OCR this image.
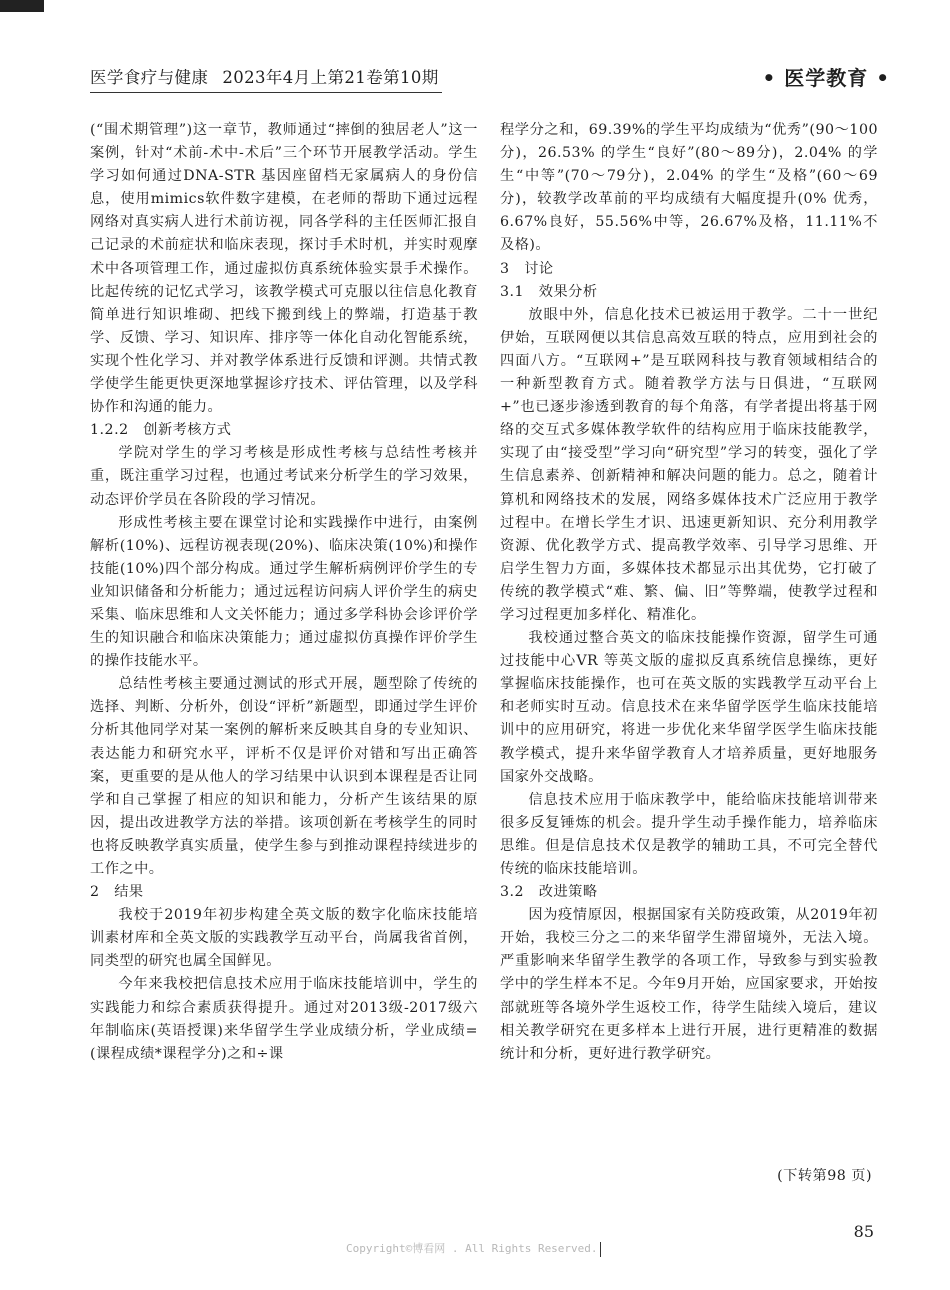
医学食疗与健康 2023年4月上第21卷第10期	• 医学教育 •

(“围术期管理”)这一章节，教师通过“摔倒的独居老人”这一案例，针对“术前-术中-术后”三个环节开展教学活动。学生学习如何通过DNA-STR 基因座留档无家属病人的身份信息，使用mimics软件数字建模，在老师的帮助下通过远程网络对真实病人进行术前访视，同各学科的主任医师汇报自己记录的术前症状和临床表现，探讨手术时机，并实时观摩术中各项管理工作，通过虚拟仿真系统体验实景手术操作。比起传统的记忆式学习，该教学模式可克服以往信息化教育简单进行知识堆砌、把线下搬到线上的弊端，打造基于教学、反馈、学习、知识库、排序等一体化自动化智能系统，实现个性化学习、并对教学体系进行反馈和评测。共情式教学使学生能更快更深地掌握诊疗技术、评估管理，以及学科协作和沟通的能力。

1.2.2　创新考核方式

学院对学生的学习考核是形成性考核与总结性考核并重，既注重学习过程，也通过考试来分析学生的学习效果，动态评价学员在各阶段的学习情况。

形成性考核主要在课堂讨论和实践操作中进行，由案例解析(10%)、远程访视表现(20%)、临床决策(10%)和操作技能(10%)四个部分构成。通过学生解析病例评价学生的专业知识储备和分析能力；通过远程访问病人评价学生的病史采集、临床思维和人文关怀能力；通过多学科协会诊评价学生的知识融合和临床决策能力；通过虚拟仿真操作评价学生的操作技能水平。

总结性考核主要通过测试的形式开展，题型除了传统的选择、判断、分析外，创设“评析”新题型，即通过学生评价分析其他同学对某一案例的解析来反映其自身的专业知识、表达能力和研究水平，评析不仅是评价对错和写出正确答案，更重要的是从他人的学习结果中认识到本课程是否让同学和自己掌握了相应的知识和能力，分析产生该结果的原因，提出改进教学方法的举措。该项创新在考核学生的同时也将反映教学真实质量，使学生参与到推动课程持续进步的工作之中。

2　结果

我校于2019年初步构建全英文版的数字化临床技能培训素材库和全英文版的实践教学互动平台，尚属我省首例，同类型的研究也属全国鲜见。

今年来我校把信息技术应用于临床技能培训中，学生的实践能力和综合素质获得提升。通过对2013级-2017级六年制临床(英语授课)来华留学生学业成绩分析，学业成绩=(课程成绩*课程学分)之和÷课

程学分之和，69.39%的学生平均成绩为“优秀”(90～100分)，26.53% 的学生“良好”(80～89分)，2.04% 的学生“中等”(70～79分)，2.04% 的学生“及格”(60～69分)，较教学改革前的平均成绩有大幅度提升(0% 优秀，6.67%良好，55.56%中等，26.67%及格，11.11%不及格)。

3　讨论

3.1　效果分析

放眼中外，信息化技术已被运用于教学。二十一世纪伊始，互联网便以其信息高效互联的特点，应用到社会的四面八方。“互联网+”是互联网科技与教育领域相结合的一种新型教育方式。随着教学方法与日俱进，“互联网+”也已逐步渗透到教育的每个角落，有学者提出将基于网络的交互式多媒体教学软件的结构应用于临床技能教学，实现了由“接受型”学习向“研究型”学习的转变，强化了学生信息素养、创新精神和解决问题的能力。总之，随着计算机和网络技术的发展，网络多媒体技术广泛应用于教学过程中。在增长学生才识、迅速更新知识、充分利用教学资源、优化教学方式、提高教学效率、引导学习思维、开启学生智力方面，多媒体技术都显示出其优势，它打破了传统的教学模式“难、繁、偏、旧”等弊端，使教学过程和学习过程更加多样化、精准化。

我校通过整合英文的临床技能操作资源，留学生可通过技能中心VR 等英文版的虚拟反真系统信息操练，更好掌握临床技能操作，也可在英文版的实践教学互动平台上和老师实时互动。信息技术在来华留学医学生临床技能培训中的应用研究，将进一步优化来华留学医学生临床技能教学模式，提升来华留学教育人才培养质量，更好地服务国家外交战略。

信息技术应用于临床教学中，能给临床技能培训带来很多反复锤炼的机会。提升学生动手操作能力，培养临床思维。但是信息技术仅是教学的辅助工具，不可完全替代传统的临床技能培训。

3.2　改进策略

因为疫情原因，根据国家有关防疫政策，从2019年初开始，我校三分之二的来华留学生滞留境外，无法入境。严重影响来华留学生教学的各项工作，导致参与到实验教学中的学生样本不足。今年9月开始，应国家要求，开始按部就班等各境外学生返校工作，待学生陆续入境后，建议相关教学研究在更多样本上进行开展，进行更精准的数据统计和分析，更好进行教学研究。

(下转第98 页)
85
Copyright©博看网 . All Rights Reserved.
